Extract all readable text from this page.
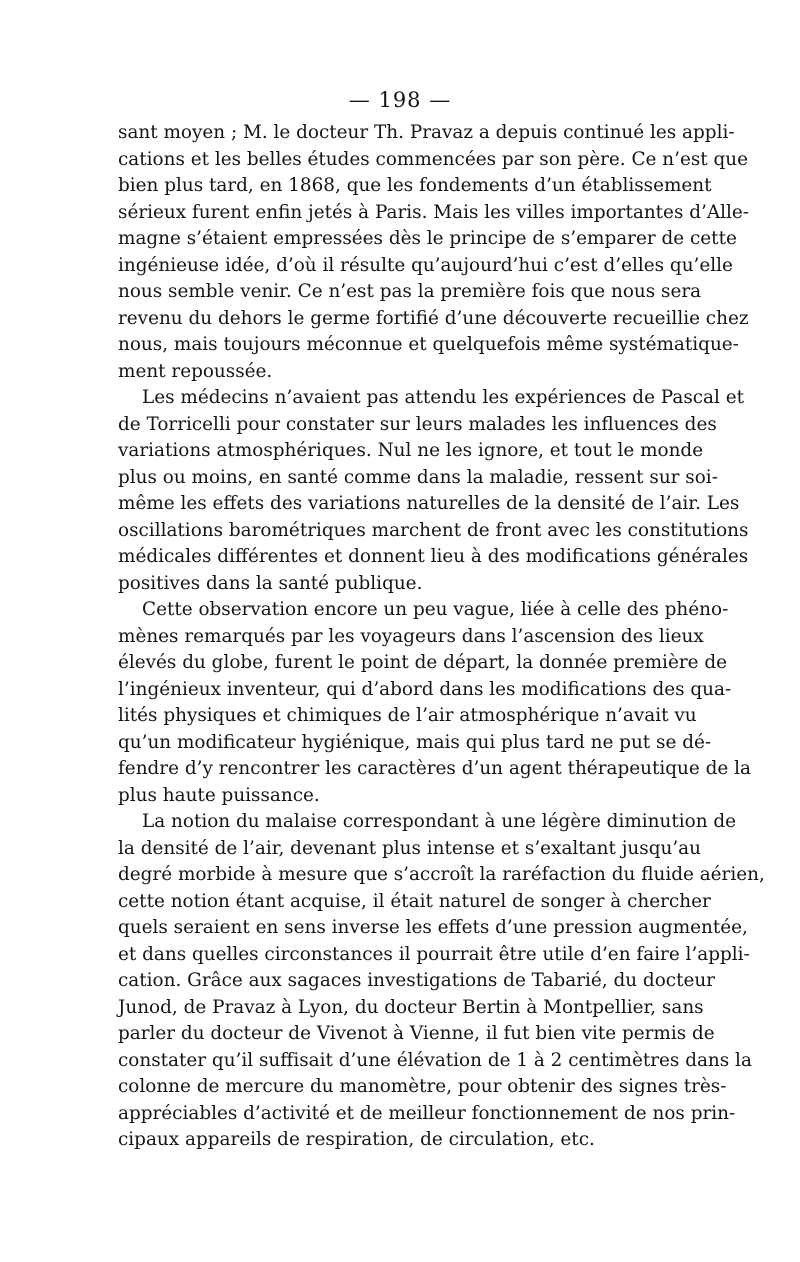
— 198 —
sant moyen ; M. le docteur Th. Pravaz a depuis continué les appli-
cations et les belles études commencées par son père. Ce n’est que
bien plus tard, en 1868, que les fondements d’un établissement
sérieux furent enfin jetés à Paris. Mais les villes importantes d’Alle-
magne s’étaient empressées dès le principe de s’emparer de cette
ingénieuse idée, d’où il résulte qu’aujourd’hui c’est d’elles qu’elle
nous semble venir. Ce n’est pas la première fois que nous sera
revenu du dehors le germe fortifié d’une découverte recueillie chez
nous, mais toujours méconnue et quelquefois même systématique-
ment repoussée.
Les médecins n’avaient pas attendu les expériences de Pascal et
de Torricelli pour constater sur leurs malades les influences des
variations atmosphériques. Nul ne les ignore, et tout le monde
plus ou moins, en santé comme dans la maladie, ressent sur soi-
même les effets des variations naturelles de la densité de l’air. Les
oscillations barométriques marchent de front avec les constitutions
médicales différentes et donnent lieu à des modifications générales
positives dans la santé publique.
Cette observation encore un peu vague, liée à celle des phéno-
mènes remarqués par les voyageurs dans l’ascension des lieux
élevés du globe, furent le point de départ, la donnée première de
l’ingénieux inventeur, qui d’abord dans les modifications des qua-
lités physiques et chimiques de l’air atmosphérique n’avait vu
qu’un modificateur hygiénique, mais qui plus tard ne put se dé-
fendre d’y rencontrer les caractères d’un agent thérapeutique de la
plus haute puissance.
La notion du malaise correspondant à une légère diminution de
la densité de l’air, devenant plus intense et s’exaltant jusqu’au
degré morbide à mesure que s’accroît la raréfaction du fluide aérien,
cette notion étant acquise, il était naturel de songer à chercher
quels seraient en sens inverse les effets d’une pression augmentée,
et dans quelles circonstances il pourrait être utile d’en faire l’appli-
cation. Grâce aux sagaces investigations de Tabarié, du docteur
Junod, de Pravaz à Lyon, du docteur Bertin à Montpellier, sans
parler du docteur de Vivenot à Vienne, il fut bien vite permis de
constater qu’il suffisait d’une élévation de 1 à 2 centimètres dans la
colonne de mercure du manomètre, pour obtenir des signes très-
appréciables d’activité et de meilleur fonctionnement de nos prin-
cipaux appareils de respiration, de circulation, etc.
